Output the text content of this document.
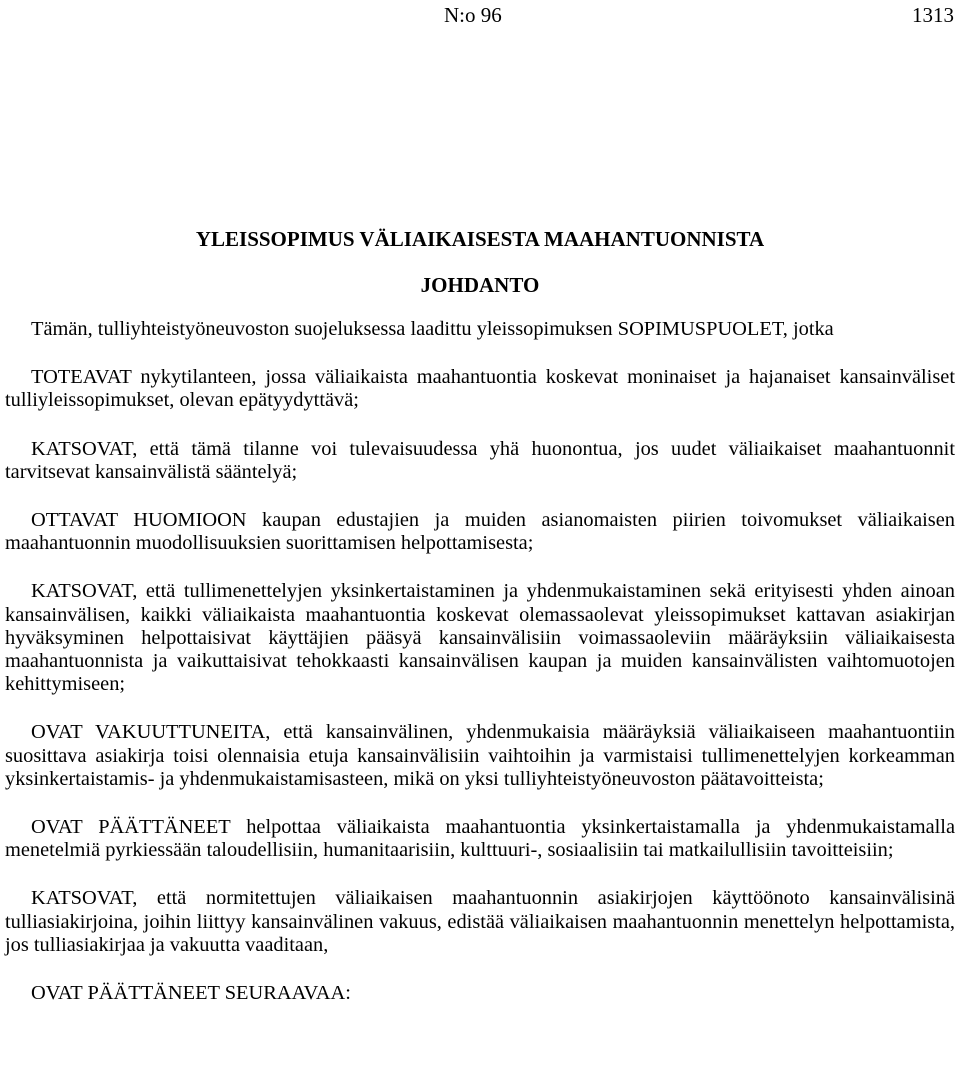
N:o 96	1313
YLEISSOPIMUS VÄLIAIKAISESTA MAAHANTUONNISTA
JOHDANTO

Tämän, tulliyhteistyöneuvoston suojeluksessa laadittu yleissopimuksen SOPIMUSPUOLET, jotka

TOTEAVAT nykytilanteen, jossa väliaikaista maahantuontia koskevat moninaiset ja hajanaiset kansainväliset tulliyleissopimukset, olevan epätyydyttävä;

KATSOVAT, että tämä tilanne voi tulevaisuudessa yhä huonontua, jos uudet väliaikaiset maahantuonnit tarvitsevat kansainvälistä sääntelyä;

OTTAVAT HUOMIOON kaupan edustajien ja muiden asianomaisten piirien toivomukset väliaikaisen maahantuonnin muodollisuuksien suorittamisen helpottamisesta;

KATSOVAT, että tullimenettelyjen yksinkertaistaminen ja yhdenmukaistaminen sekä erityisesti yhden ainoan kansainvälisen, kaikki väliaikaista maahantuontia koskevat olemassaolevat yleissopimukset kattavan asiakirjan hyväksyminen helpottaisivat käyttäjien pääsyä kansainvälisiin voimassaoleviin määräyksiin väliaikaisesta maahantuonnista ja vaikuttaisivat tehokkaasti kansainvälisen kaupan ja muiden kansainvälisten vaihtomuotojen kehittymiseen;

OVAT VAKUUTTUNEITA, että kansainvälinen, yhdenmukaisia määräyksiä väliaikaiseen maahantuontiin suosittava asiakirja toisi olennaisia etuja kansainvälisiin vaihtoihin ja varmistaisi tullimenettelyjen korkeamman yksinkertaistamis- ja yhdenmukaistamisasteen, mikä on yksi tulliyhteistyöneuvoston päätavoitteista;

OVAT PÄÄTTÄNEET helpottaa väliaikaista maahantuontia yksinkertaistamalla ja yhdenmukaistamalla menetelmiä pyrkiessään taloudellisiin, humanitaarisiin, kulttuuri-, sosiaalisiin tai matkailullisiin tavoitteisiin;

KATSOVAT, että normitettujen väliaikaisen maahantuonnin asiakirjojen käyttöönoto kansainvälisinä tulliasiakirjoina, joihin liittyy kansainvälinen vakuus, edistää väliaikaisen maahantuonnin menettelyn helpottamista, jos tulliasiakirjaa ja vakuutta vaaditaan,

OVAT PÄÄTTÄNEET SEURAAVAA:
